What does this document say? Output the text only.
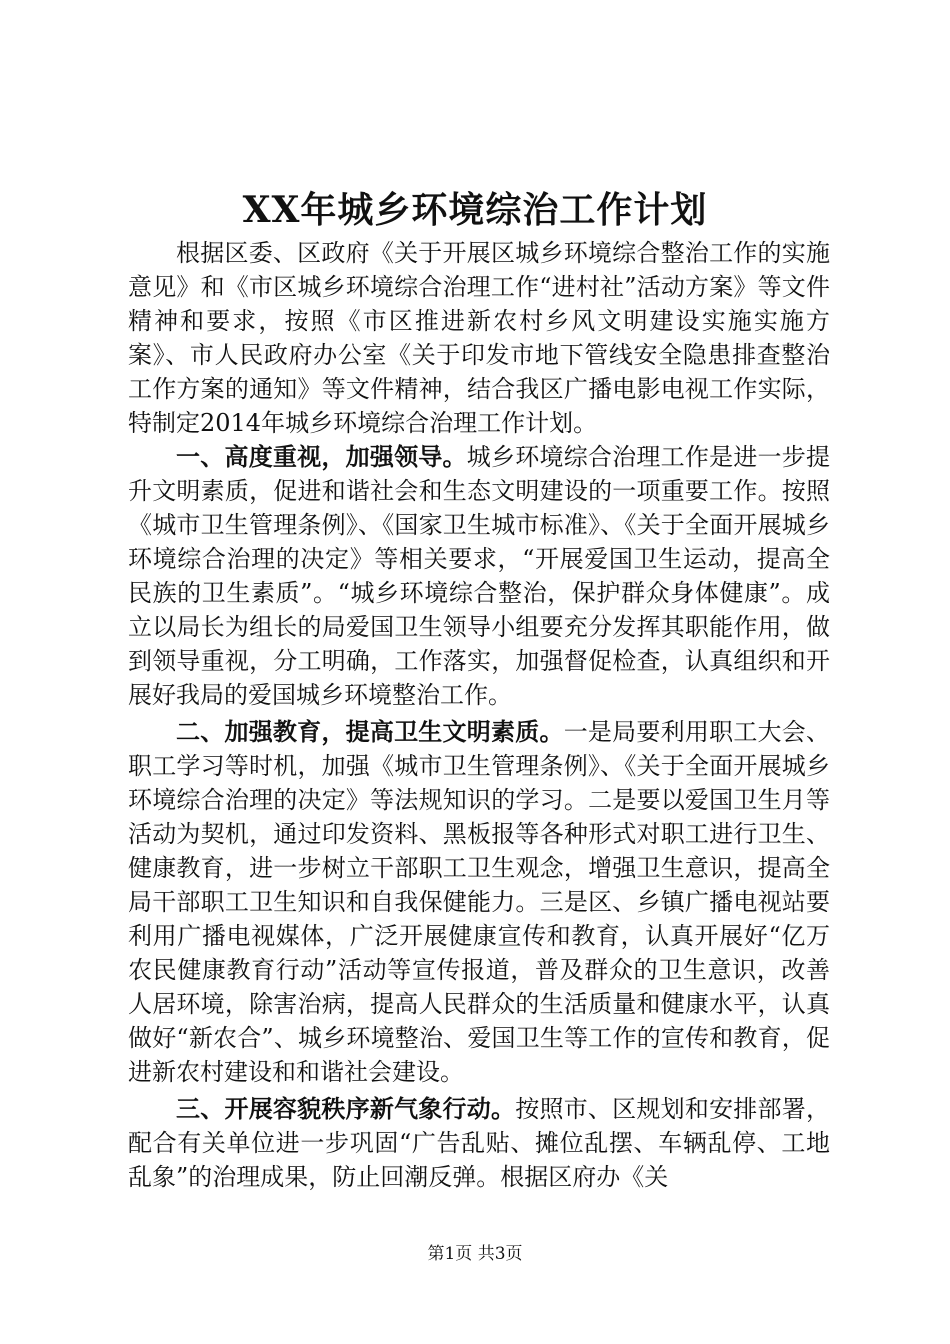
XX年城乡环境综治工作计划

根据区委、区政府《关于开展区城乡环境综合整治工作的实施意见》和《市区城乡环境综合治理工作“进村社”活动方案》等文件精神和要求，按照《市区推进新农村乡风文明建设实施实施方案》、市人民政府办公室《关于印发市地下管线安全隐患排查整治工作方案的通知》等文件精神，结合我区广播电影电视工作实际，特制定2014年城乡环境综合治理工作计划。

一、高度重视，加强领导。城乡环境综合治理工作是进一步提升文明素质，促进和谐社会和生态文明建设的一项重要工作。按照《城市卫生管理条例》、《国家卫生城市标准》、《关于全面开展城乡环境综合治理的决定》等相关要求，“开展爱国卫生运动，提高全民族的卫生素质”。“城乡环境综合整治，保护群众身体健康”。成立以局长为组长的局爱国卫生领导小组要充分发挥其职能作用，做到领导重视，分工明确，工作落实，加强督促检查，认真组织和开展好我局的爱国城乡环境整治工作。

二、加强教育，提高卫生文明素质。一是局要利用职工大会、职工学习等时机，加强《城市卫生管理条例》、《关于全面开展城乡环境综合治理的决定》等法规知识的学习。二是要以爱国卫生月等活动为契机，通过印发资料、黑板报等各种形式对职工进行卫生、健康教育，进一步树立干部职工卫生观念，增强卫生意识，提高全局干部职工卫生知识和自我保健能力。三是区、乡镇广播电视站要利用广播电视媒体，广泛开展健康宣传和教育，认真开展好“亿万农民健康教育行动”活动等宣传报道，普及群众的卫生意识，改善人居环境，除害治病，提高人民群众的生活质量和健康水平，认真做好“新农合”、城乡环境整治、爱国卫生等工作的宣传和教育，促进新农村建设和和谐社会建设。

三、开展容貌秩序新气象行动。按照市、区规划和安排部署，配合有关单位进一步巩固“广告乱贴、摊位乱摆、车辆乱停、工地乱象”的治理成果，防止回潮反弹。根据区府办《关

第1页 共3页
